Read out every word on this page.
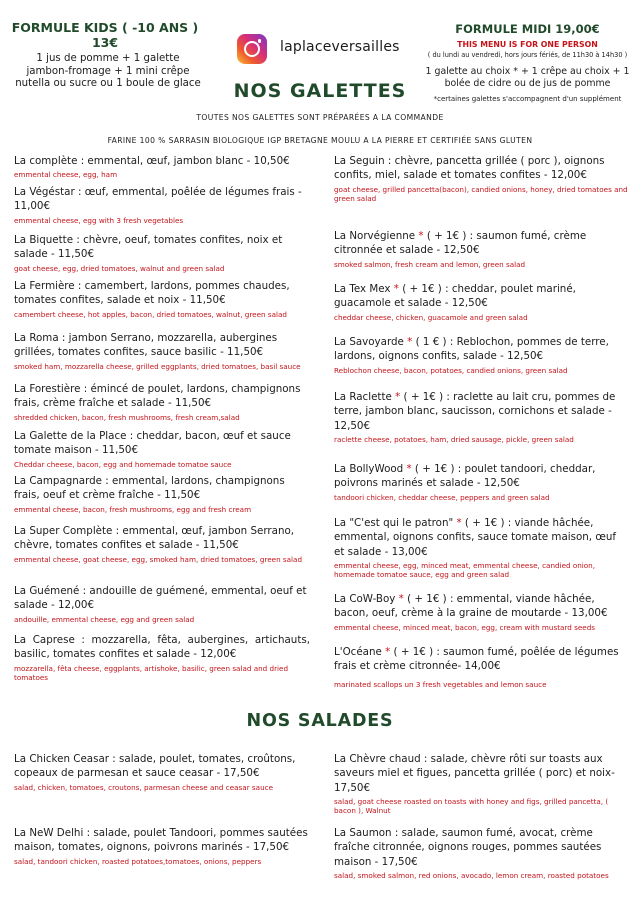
FORMULE KIDS ( -10 ANS ) 13€
1 jus de pomme + 1 galette jambon-fromage + 1 mini crêpe nutella ou sucre ou 1 boule de glace
laplaceversailles
FORMULE MIDI 19,00€
THIS MENU IS FOR ONE PERSON
( du lundi au vendredi, hors jours fériés, de 11h30 à 14h30 )
1 galette au choix * + 1 crêpe au choix + 1 bolée de cidre ou de jus de pomme
*certaines galettes s'accompagnent d'un supplément
NOS GALETTES
TOUTES NOS GALETTES SONT PRÉPARÉES A LA COMMANDE
FARINE 100 % SARRASIN BIOLOGIQUE IGP BRETAGNE MOULU A LA PIERRE ET CERTIFIÉE SANS GLUTEN
La complète : emmental, œuf, jambon blanc - 10,50€
emmental cheese, egg, ham
La Végéstar : œuf, emmental, poêlée de légumes frais - 11,00€
emmental cheese, egg with 3 fresh vegetables
La Biquette : chèvre, oeuf, tomates confites, noix et salade - 11,50€
goat cheese, egg, dried tomatoes, walnut and green salad
La Fermière : camembert, lardons, pommes chaudes, tomates confites, salade et noix - 11,50€
camembert cheese, hot apples, bacon, dried tomatoes, walnut, green salad
La Roma : jambon Serrano, mozzarella, aubergines grillées, tomates confites, sauce basilic - 11,50€
smoked ham, mozzarella cheese, grilled eggplants, dried tomatoes, basil sauce
La Forestière : émincé de poulet, lardons, champignons frais, crème fraîche et salade - 11,50€
shredded chicken, bacon, fresh mushrooms, fresh cream,salad
La Galette de la Place : cheddar, bacon, œuf et sauce tomate maison - 11,50€
Cheddar cheese, bacon, egg and homemade tomatoe sauce
La Campagnarde : emmental, lardons, champignons frais, oeuf et crème fraîche - 11,50€
emmental cheese, bacon, fresh mushrooms, egg and fresh cream
La Super Complète : emmental, œuf, jambon Serrano, chèvre, tomates confites et salade - 11,50€
emmental cheese, goat cheese, egg, smoked ham, dried tomatoes, green salad
La Guémené : andouille de guémené, emmental, oeuf et salade - 12,00€
andouille, emmental cheese, egg and green salad
La Caprese : mozzarella, fêta, aubergines, artichauts, basilic, tomates confites et salade - 12,00€
mozzarella, fêta cheese, eggplants, artishoke, basilic, green salad and dried tomatoes
La Seguin : chèvre, pancetta grillée ( porc ), oignons confits, miel, salade et tomates confites - 12,00€
goat cheese, grilled pancetta(bacon), candied onions, honey, dried tomatoes and green salad
La Norvégienne * ( + 1€ ) : saumon fumé, crème citronnée et salade - 12,50€
smoked salmon, fresh cream and lemon, green salad
La Tex Mex * ( + 1€ ) : cheddar, poulet mariné, guacamole et salade - 12,50€
cheddar cheese, chicken, guacamole and green salad
La Savoyarde * ( 1 € ) : Reblochon, pommes de terre, lardons, oignons confits, salade - 12,50€
Reblochon cheese, bacon, potatoes, candied onions, green salad
La Raclette * ( + 1€ ) : raclette au lait cru, pommes de terre, jambon blanc, saucisson, cornichons et salade - 12,50€
raclette cheese, potatoes, ham, dried sausage, pickle, green salad
La BollyWood * ( + 1€ ) : poulet tandoori, cheddar, poivrons marinés et salade - 12,50€
tandoori chicken, cheddar cheese, peppers and green salad
La "C'est qui le patron" * ( + 1€ ) : viande hâchée, emmental, oignons confits, sauce tomate maison, œuf et salade - 13,00€
emmental cheese, egg, minced meat, emmental cheese, candied onion, homemade tomatoe sauce, egg and green salad
La CoW-Boy * ( + 1€ ) : emmental, viande hâchée, bacon, oeuf, crème à la graine de moutarde - 13,00€
emmental cheese, minced meat, bacon, egg, cream with mustard seeds
L'Océane * ( + 1€ ) : saumon fumé, poêlée de légumes frais et crème citronnée- 14,00€
marinated scallops un 3 fresh vegetables and lemon sauce
NOS SALADES
La Chicken Ceasar : salade, poulet, tomates, croûtons, copeaux de parmesan et sauce ceasar - 17,50€
salad, chicken, tomatoes, croutons, parmesan cheese and ceasar sauce
La NeW Delhi : salade, poulet Tandoori, pommes sautées maison, tomates, oignons, poivrons marinés - 17,50€
salad, tandoori chicken, roasted potatoes,tomatoes, onions, peppers
La Chèvre chaud : salade, chèvre rôti sur toasts aux saveurs miel et figues, pancetta grillée ( porc) et noix- 17,50€
salad, goat cheese roasted on toasts with honey and figs, grilled pancetta, ( bacon ), Walnut
La Saumon : salade, saumon fumé, avocat, crème fraîche citronnée, oignons rouges, pommes sautées maison - 17,50€
salad, smoked salmon, red onions, avocado, lemon cream, roasted potatoes
